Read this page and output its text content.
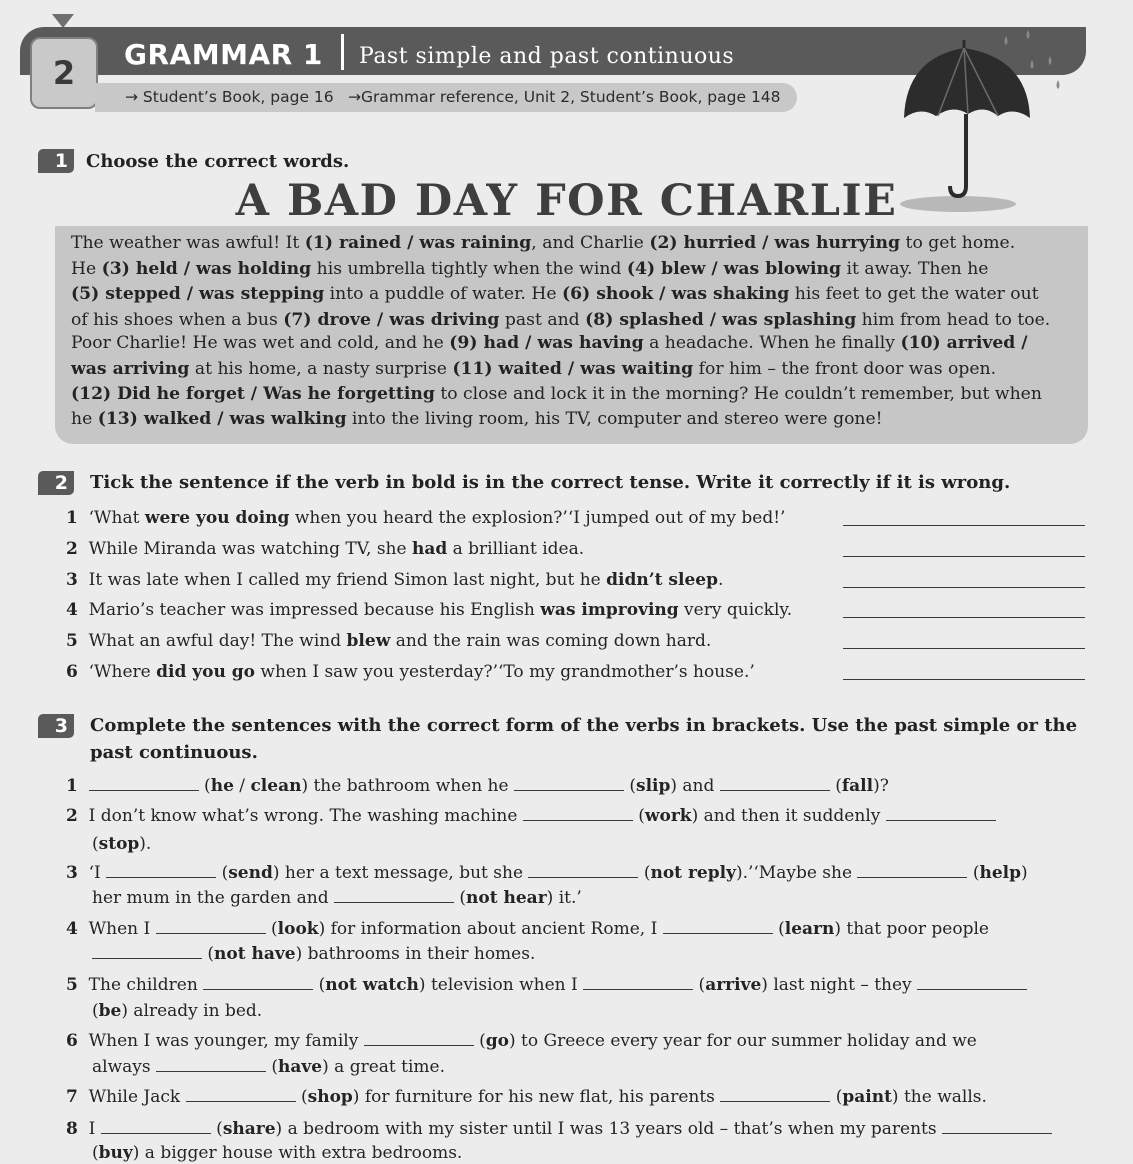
2	GRAMMAR 1 Past simple and past continuous
→ Student’s Book, page 16 →Grammar reference, Unit 2, Student’s Book, page 148
1	Choose the correct words.
A BAD DAY FOR CHARLIE
The weather was awful! It (1) rained / was raining, and Charlie (2) hurried / was hurrying to get home.
He (3) held / was holding his umbrella tightly when the wind (4) blew / was blowing it away. Then he
(5) stepped / was stepping into a puddle of water. He (6) shook / was shaking his feet to get the water out
of his shoes when a bus (7) drove / was driving past and (8) splashed / was splashing him from head to toe.
Poor Charlie! He was wet and cold, and he (9) had / was having a headache. When he finally (10) arrived /
was arriving at his home, a nasty surprise (11) waited / was waiting for him – the front door was open.
(12) Did he forget / Was he forgetting to close and lock it in the morning? He couldn’t remember, but when
he (13) walked / was walking into the living room, his TV, computer and stereo were gone!
2	Tick the sentence if the verb in bold is in the correct tense. Write it correctly if it is wrong.
1  ‘What were you doing when you heard the explosion?’‘I jumped out of my bed!’
2  While Miranda was watching TV, she had a brilliant idea.
3  It was late when I called my friend Simon last night, but he didn’t sleep.
4  Mario’s teacher was impressed because his English was improving very quickly.
5  What an awful day! The wind blew and the rain was coming down hard.
6  ‘Where did you go when I saw you yesterday?’‘To my grandmother’s house.’
3	Complete the sentences with the correct form of the verbs in brackets. Use the past simple or the
past continuous.
1	(he / clean) the bathroom when he	(slip) and	(fall)?
2  I don’t know what’s wrong. The washing machine	(work) and then it suddenly
(stop).
3  ‘I	(send) her a text message, but she	(not reply).’‘Maybe she	(help)
her mum in the garden and	(not hear) it.’
4  When I	(look) for information about ancient Rome, I	(learn) that poor people
(not have) bathrooms in their homes.
5  The children	(not watch) television when I	(arrive) last night – they
(be) already in bed.
6  When I was younger, my family	(go) to Greece every year for our summer holiday and we
always	(have) a great time.
7  While Jack	(shop) for furniture for his new flat, his parents	(paint) the walls.
8  I	(share) a bedroom with my sister until I was 13 years old – that’s when my parents
(buy) a bigger house with extra bedrooms.
